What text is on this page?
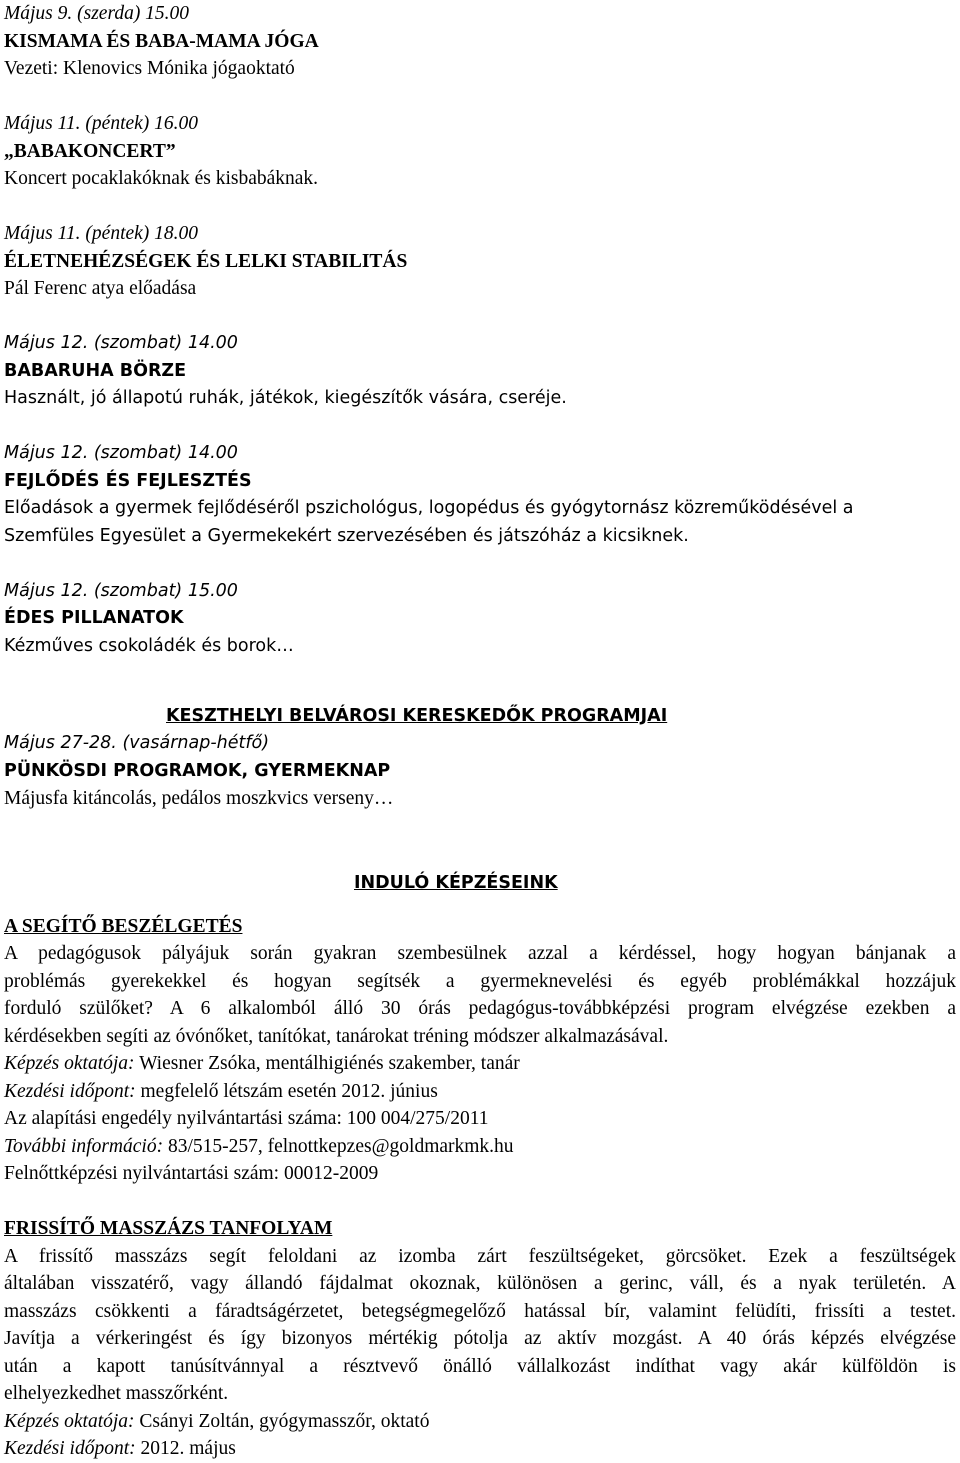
Május 9. (szerda) 15.00
KISMAMA ÉS BABA-MAMA JÓGA
Vezeti: Klenovics Mónika jógaoktató
Május 11. (péntek) 16.00
„BABAKONCERT”
Koncert pocaklakóknak és kisbabáknak.
Május 11. (péntek) 18.00
ÉLETNEHÉZSÉGEK ÉS LELKI STABILITÁS
Pál Ferenc atya előadása
Május 12. (szombat) 14.00
BABARUHA BÖRZE
Használt, jó állapotú ruhák, játékok, kiegészítők vására, cseréje.
Május 12. (szombat) 14.00
FEJLŐDÉS ÉS FEJLESZTÉS
Előadások a gyermek fejlődéséről pszichológus, logopédus és gyógytornász közreműködésével a
Szemfüles Egyesület a Gyermekekért szervezésében és játszóház a kicsiknek.
Május 12. (szombat) 15.00
ÉDES PILLANATOK
Kézműves csokoládék és borok…
KESZTHELYI BELVÁROSI KERESKEDŐK PROGRAMJAI
Május 27-28. (vasárnap-hétfő)
PÜNKÖSDI PROGRAMOK, GYERMEKNAP
Májusfa kitáncolás, pedálos moszkvics verseny…
INDULÓ KÉPZÉSEINK
A SEGÍTŐ BESZÉLGETÉS
A pedagógusok pályájuk során gyakran szembesülnek azzal a kérdéssel, hogy hogyan bánjanak a
problémás gyerekekkel és hogyan segítsék a gyermeknevelési és egyéb problémákkal hozzájuk
forduló szülőket? A 6 alkalomból álló 30 órás pedagógus-továbbképzési program elvégzése ezekben a
kérdésekben segíti az óvónőket, tanítókat, tanárokat tréning módszer alkalmazásával.
Képzés oktatója: Wiesner Zsóka, mentálhigiénés szakember, tanár
Kezdési időpont: megfelelő létszám esetén 2012. június
Az alapítási engedély nyilvántartási száma: 100 004/275/2011
További információ: 83/515-257, felnottkepzes@goldmarkmk.hu
Felnőttképzési nyilvántartási szám: 00012-2009
FRISSÍTŐ MASSZÁZS TANFOLYAM
A frissítő masszázs segít feloldani az izomba zárt feszültségeket, görcsöket. Ezek a feszültségek
általában visszatérő, vagy állandó fájdalmat okoznak, különösen a gerinc, váll, és a nyak területén. A
masszázs csökkenti a fáradtságérzetet, betegségmegelőző hatással bír, valamint felüdíti, frissíti a testet.
Javítja a vérkeringést és így bizonyos mértékig pótolja az aktív mozgást. A 40 órás képzés elvégzése
után a kapott tanúsítvánnyal a résztvevő önálló vállalkozást indíthat vagy akár külföldön is
elhelyezkedhet masszőrként.
Képzés oktatója: Csányi Zoltán, gyógymasszőr, oktató
Kezdési időpont: 2012. május
